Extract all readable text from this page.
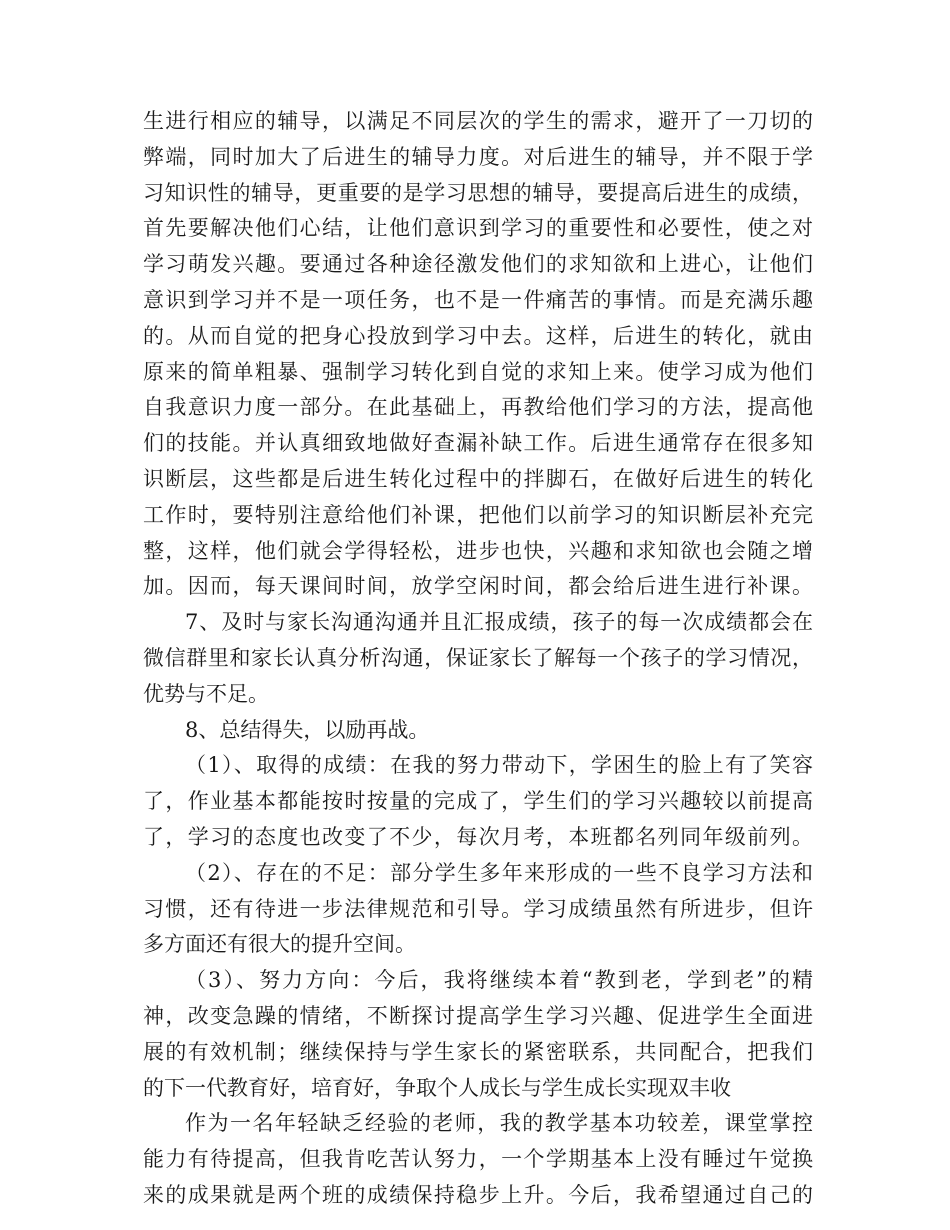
生进行相应的辅导，以满足不同层次的学生的需求，避开了一刀切的
弊端，同时加大了后进生的辅导力度。对后进生的辅导，并不限于学
习知识性的辅导，更重要的是学习思想的辅导，要提高后进生的成绩，
首先要解决他们心结，让他们意识到学习的重要性和必要性，使之对
学习萌发兴趣。要通过各种途径激发他们的求知欲和上进心，让他们
意识到学习并不是一项任务，也不是一件痛苦的事情。而是充满乐趣
的。从而自觉的把身心投放到学习中去。这样，后进生的转化，就由
原来的简单粗暴、强制学习转化到自觉的求知上来。使学习成为他们
自我意识力度一部分。在此基础上，再教给他们学习的方法，提高他
们的技能。并认真细致地做好查漏补缺工作。后进生通常存在很多知
识断层，这些都是后进生转化过程中的拌脚石，在做好后进生的转化
工作时，要特别注意给他们补课，把他们以前学习的知识断层补充完
整，这样，他们就会学得轻松，进步也快，兴趣和求知欲也会随之增
加。因而，每天课间时间，放学空闲时间，都会给后进生进行补课。
7、及时与家长沟通沟通并且汇报成绩，孩子的每一次成绩都会在
微信群里和家长认真分析沟通，保证家长了解每一个孩子的学习情况，
优势与不足。
8、总结得失，以励再战。
（1）、取得的成绩：在我的努力带动下，学困生的脸上有了笑容
了，作业基本都能按时按量的完成了，学生们的学习兴趣较以前提高
了，学习的态度也改变了不少，每次月考，本班都名列同年级前列。
（2）、存在的不足：部分学生多年来形成的一些不良学习方法和
习惯，还有待进一步法律规范和引导。学习成绩虽然有所进步，但许
多方面还有很大的提升空间。
（3）、努力方向：今后，我将继续本着“教到老，学到老”的精
神，改变急躁的情绪，不断探讨提高学生学习兴趣、促进学生全面进
展的有效机制；继续保持与学生家长的紧密联系，共同配合，把我们
的下一代教育好，培育好，争取个人成长与学生成长实现双丰收
作为一名年轻缺乏经验的老师，我的教学基本功较差，课堂掌控
能力有待提高，但我肯吃苦认努力，一个学期基本上没有睡过午觉换
来的成果就是两个班的成绩保持稳步上升。今后，我希望通过自己的
